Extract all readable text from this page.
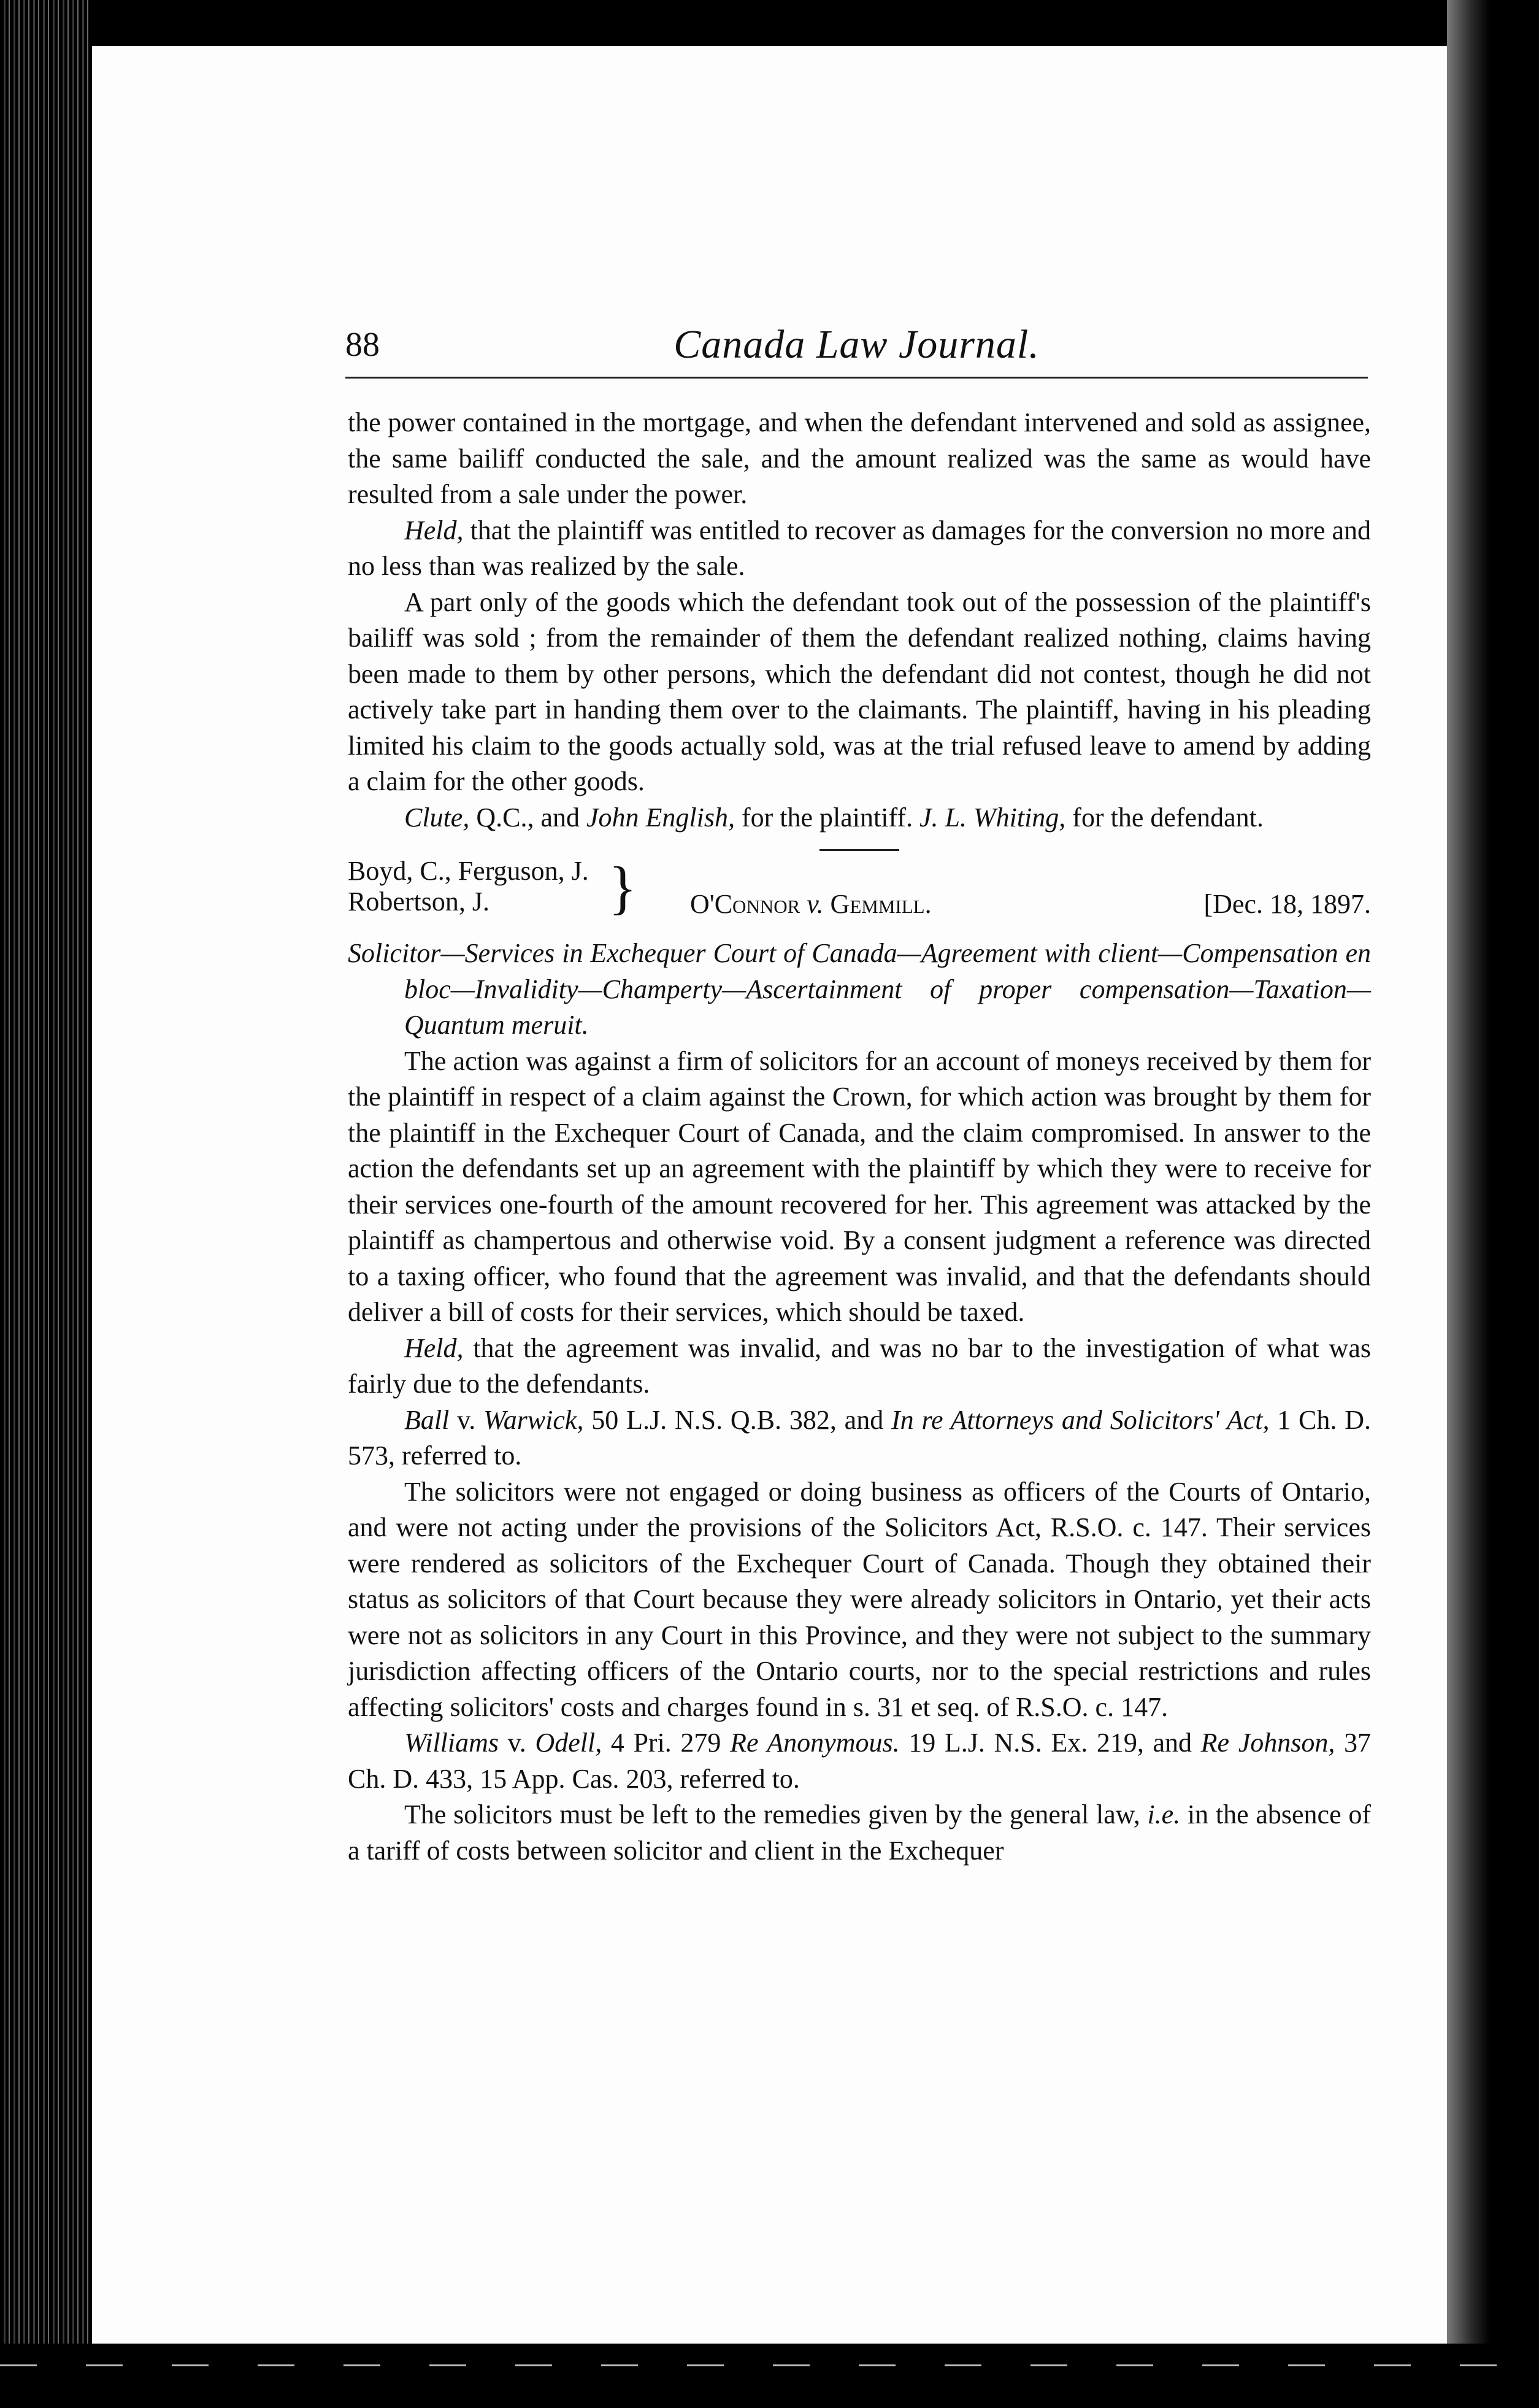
88	Canada Law Journal.

the power contained in the mortgage, and when the defendant intervened and sold as assignee, the same bailiff conducted the sale, and the amount realized was the same as would have resulted from a sale under the power.

Held, that the plaintiff was entitled to recover as damages for the conversion no more and no less than was realized by the sale.

A part only of the goods which the defendant took out of the possession of the plaintiff's bailiff was sold ; from the remainder of them the defendant realized nothing, claims having been made to them by other persons, which the defendant did not contest, though he did not actively take part in handing them over to the claimants. The plaintiff, having in his pleading limited his claim to the goods actually sold, was at the trial refused leave to amend by adding a claim for the other goods.

Clute, Q.C., and John English, for the plaintiff. J. L. Whiting, for the defendant.

Boyd, C., Ferguson, J.
Robertson, J.	} O'Connor v. Gemmill.	[Dec. 18, 1897.

Solicitor—Services in Exchequer Court of Canada—Agreement with client—Compensation en bloc—Invalidity—Champerty—Ascertainment of proper compensation—Taxation—Quantum meruit.

The action was against a firm of solicitors for an account of moneys received by them for the plaintiff in respect of a claim against the Crown, for which action was brought by them for the plaintiff in the Exchequer Court of Canada, and the claim compromised. In answer to the action the defendants set up an agreement with the plaintiff by which they were to receive for their services one-fourth of the amount recovered for her. This agreement was attacked by the plaintiff as champertous and otherwise void. By a consent judgment a reference was directed to a taxing officer, who found that the agreement was invalid, and that the defendants should deliver a bill of costs for their services, which should be taxed.

Held, that the agreement was invalid, and was no bar to the investigation of what was fairly due to the defendants.

Ball v. Warwick, 50 L.J. N.S. Q.B. 382, and In re Attorneys and Solicitors' Act, 1 Ch. D. 573, referred to.

The solicitors were not engaged or doing business as officers of the Courts of Ontario, and were not acting under the provisions of the Solicitors Act, R.S.O. c. 147. Their services were rendered as solicitors of the Exchequer Court of Canada. Though they obtained their status as solicitors of that Court because they were already solicitors in Ontario, yet their acts were not as solicitors in any Court in this Province, and they were not subject to the summary jurisdiction affecting officers of the Ontario courts, nor to the special restrictions and rules affecting solicitors' costs and charges found in s. 31 et seq. of R.S.O. c. 147.

Williams v. Odell, 4 Pri. 279 Re Anonymous. 19 L.J. N.S. Ex. 219, and Re Johnson, 37 Ch. D. 433, 15 App. Cas. 203, referred to.

The solicitors must be left to the remedies given by the general law, i.e. in the absence of a tariff of costs between solicitor and client in the Exchequer
